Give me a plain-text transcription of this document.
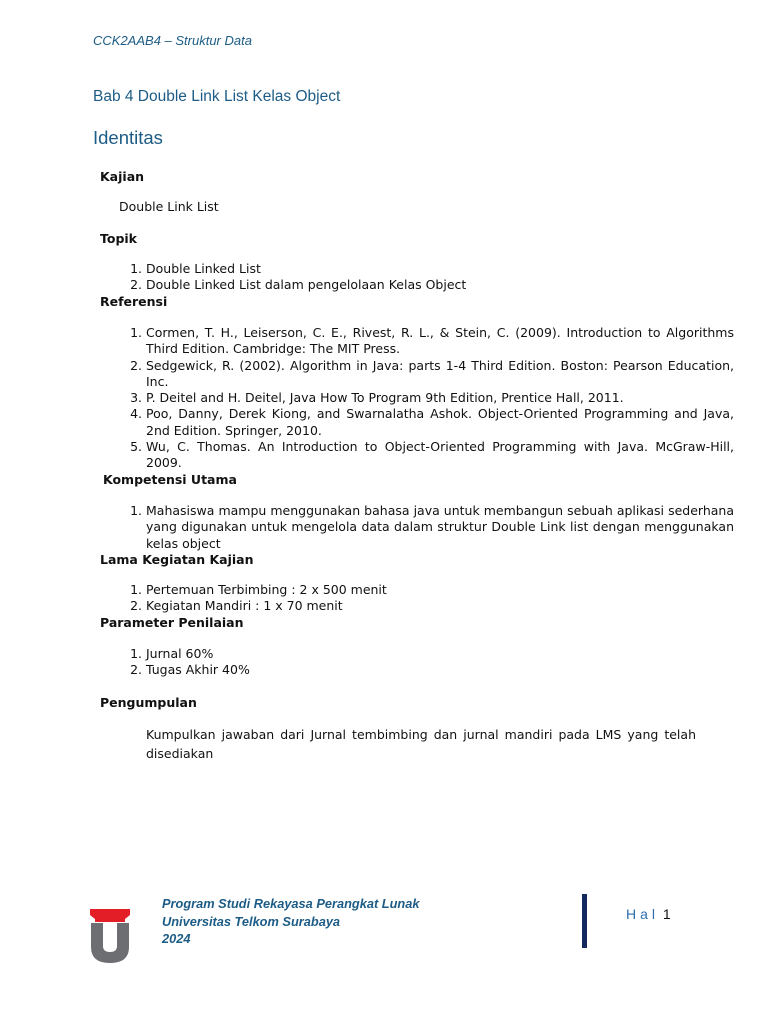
CCK2AAB4 – Struktur Data
Bab 4 Double Link List Kelas Object
Identitas

Kajian

Double Link List

Topik

1. Double Linked List
2. Double Linked List dalam pengelolaan Kelas Object

Referensi

1. Cormen, T. H., Leiserson, C. E., Rivest, R. L., & Stein, C. (2009). Introduction to Algorithms Third Edition. Cambridge: The MIT Press.
2. Sedgewick, R. (2002). Algorithm in Java: parts 1-4 Third Edition. Boston: Pearson Education, Inc.
3. P. Deitel and H. Deitel, Java How To Program 9th Edition, Prentice Hall, 2011.
4. Poo, Danny, Derek Kiong, and Swarnalatha Ashok. Object-Oriented Programming and Java, 2nd Edition. Springer, 2010.
5. Wu, C. Thomas. An Introduction to Object-Oriented Programming with Java. McGraw-Hill, 2009.

Kompetensi Utama

1. Mahasiswa mampu menggunakan bahasa java untuk membangun sebuah aplikasi sederhana yang digunakan untuk mengelola data dalam struktur Double Link list dengan menggunakan kelas object

Lama Kegiatan Kajian

1. Pertemuan Terbimbing : 2 x 500 menit
2. Kegiatan Mandiri : 1 x 70 menit

Parameter Penilaian

1. Jurnal 60%
2. Tugas Akhir 40%

Pengumpulan

Kumpulkan jawaban dari Jurnal tembimbing dan jurnal mandiri pada LMS yang telah disediakan
Program Studi Rekayasa Perangkat Lunak
Universitas Telkom Surabaya
2024
Hal 1
